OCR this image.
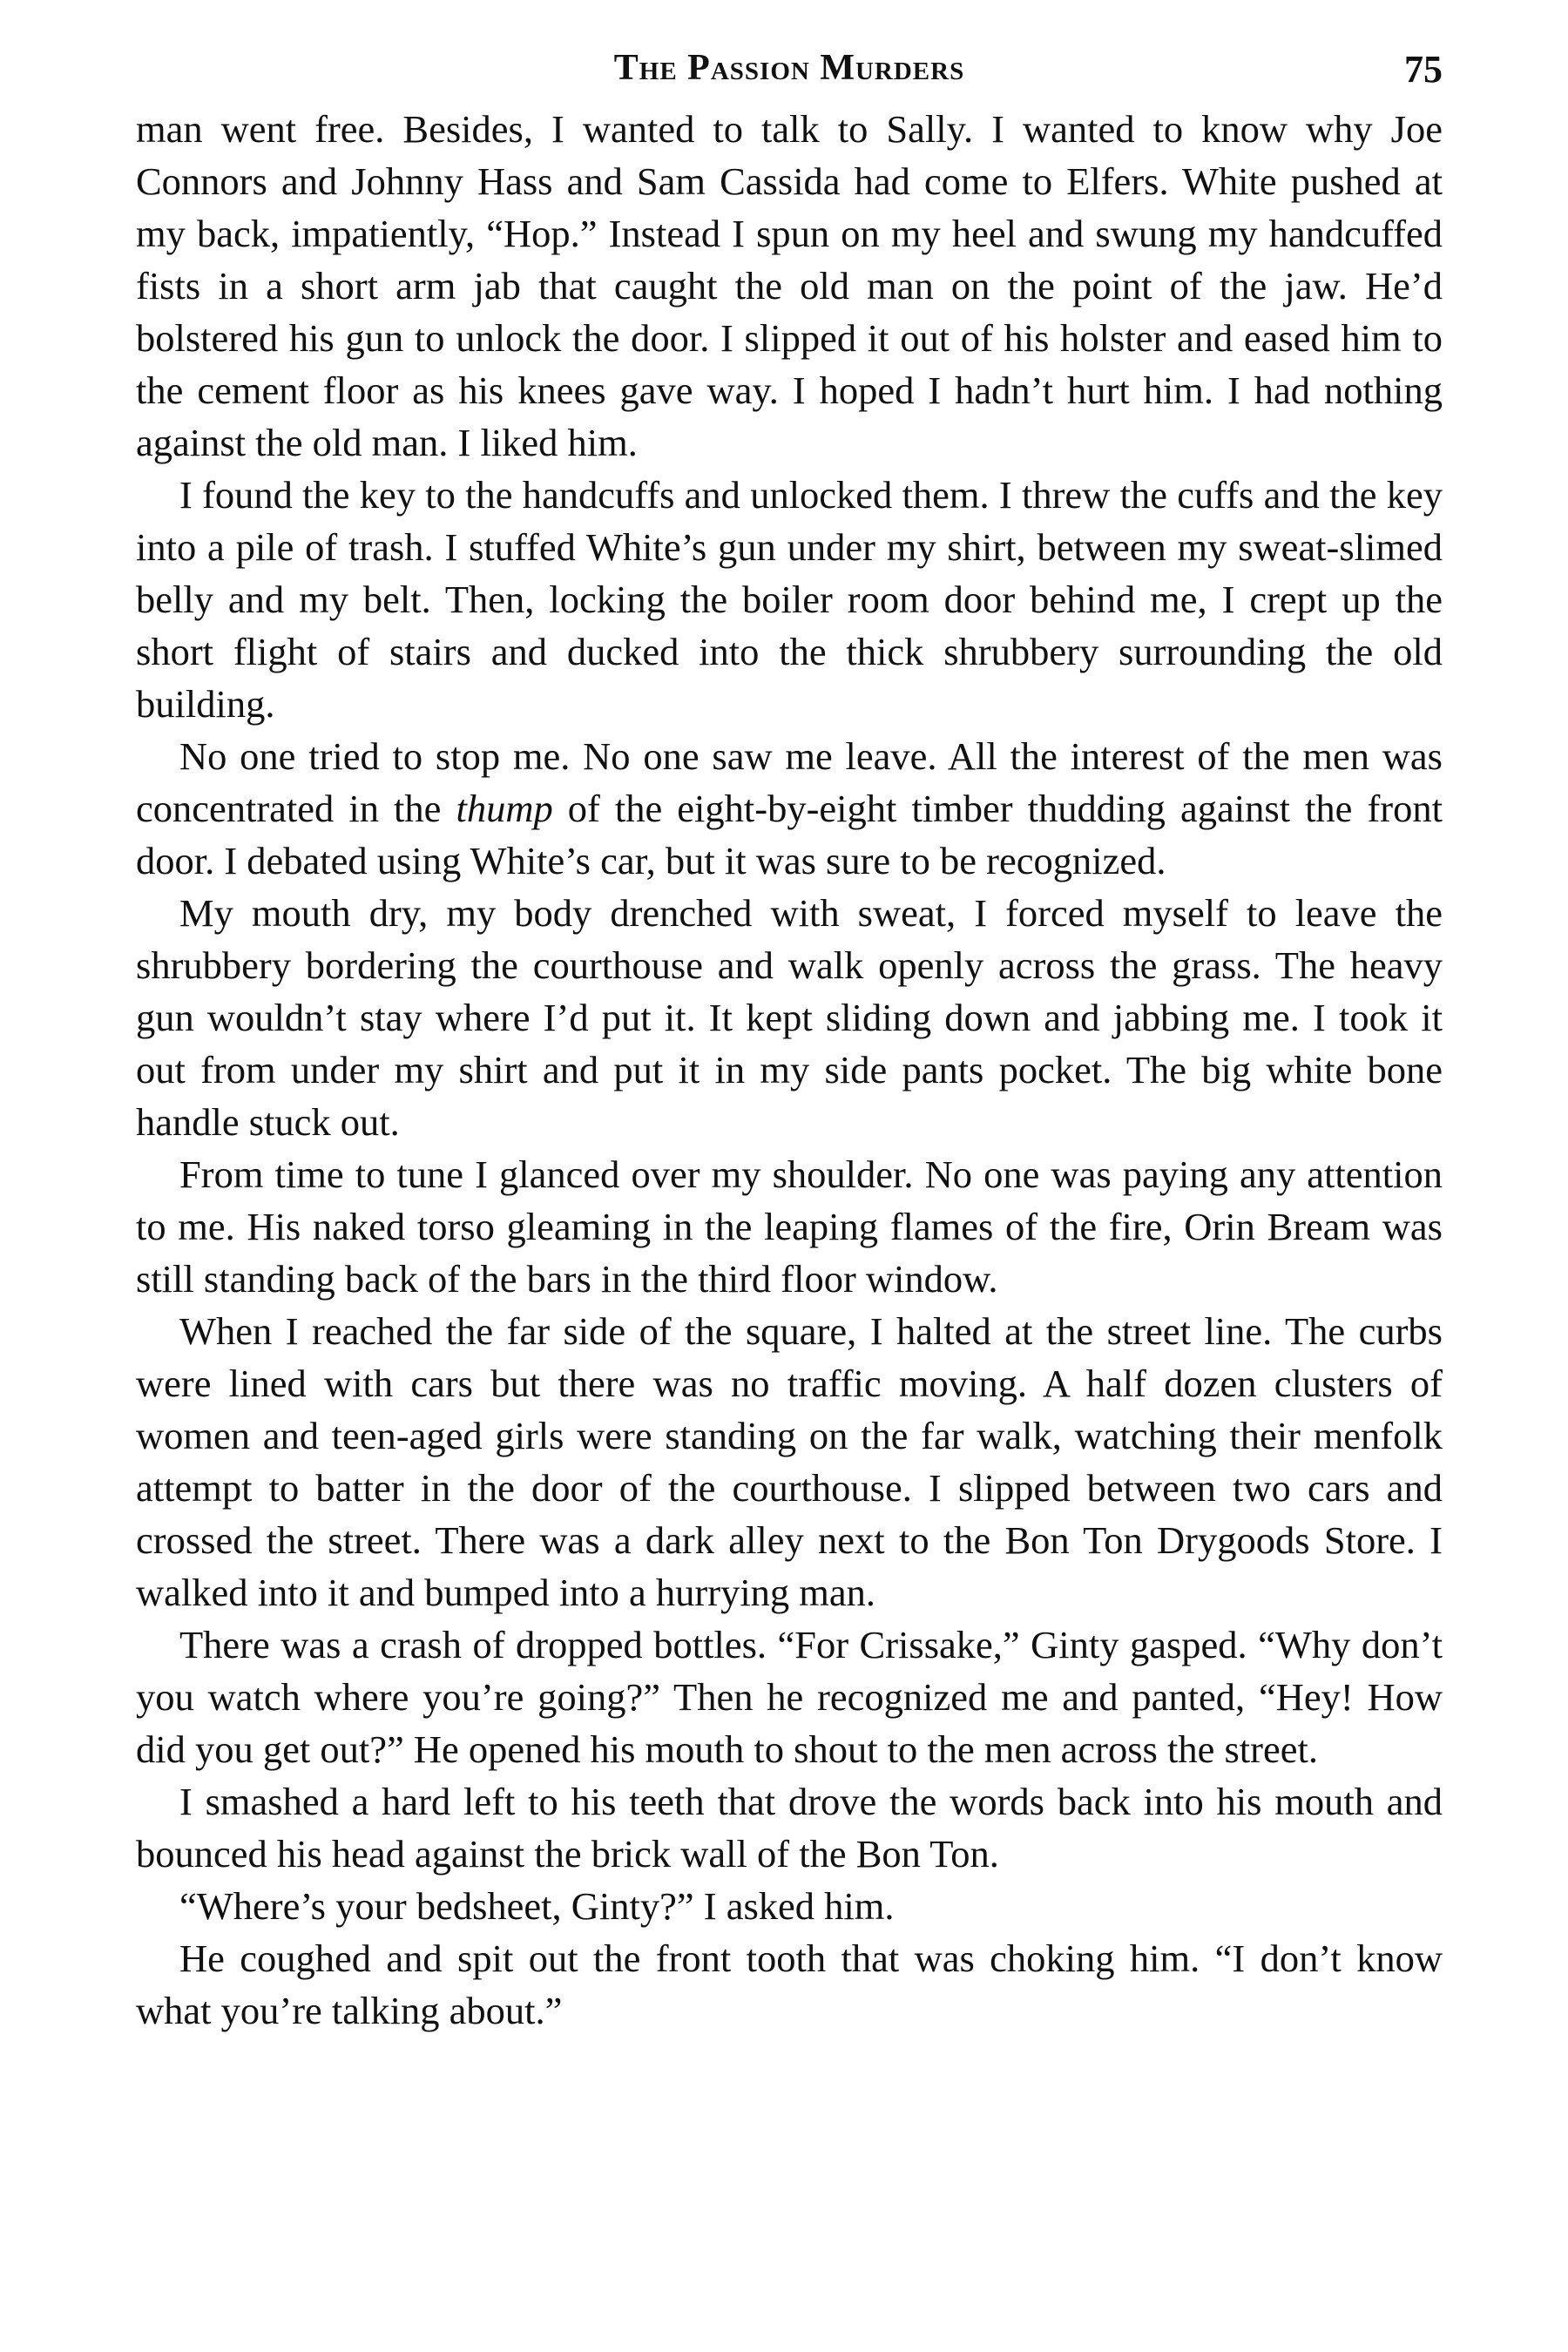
The Passion Murders	75

man went free. Besides, I wanted to talk to Sally. I wanted to know why Joe Connors and Johnny Hass and Sam Cassida had come to Elfers. White pushed at my back, impatiently, “Hop.” Instead I spun on my heel and swung my handcuffed fists in a short arm jab that caught the old man on the point of the jaw. He’d bolstered his gun to unlock the door. I slipped it out of his holster and eased him to the cement floor as his knees gave way. I hoped I hadn’t hurt him. I had nothing against the old man. I liked him.

I found the key to the handcuffs and unlocked them. I threw the cuffs and the key into a pile of trash. I stuffed White’s gun under my shirt, between my sweat-slimed belly and my belt. Then, locking the boiler room door behind me, I crept up the short flight of stairs and ducked into the thick shrubbery surrounding the old building.

No one tried to stop me. No one saw me leave. All the interest of the men was concentrated in the thump of the eight-by-eight timber thudding against the front door. I debated using White’s car, but it was sure to be recognized.

My mouth dry, my body drenched with sweat, I forced myself to leave the shrubbery bordering the courthouse and walk openly across the grass. The heavy gun wouldn’t stay where I’d put it. It kept sliding down and jabbing me. I took it out from under my shirt and put it in my side pants pocket. The big white bone handle stuck out.

From time to tune I glanced over my shoulder. No one was paying any attention to me. His naked torso gleaming in the leaping flames of the fire, Orin Bream was still standing back of the bars in the third floor window.

When I reached the far side of the square, I halted at the street line. The curbs were lined with cars but there was no traffic moving. A half dozen clusters of women and teen-aged girls were standing on the far walk, watching their menfolk attempt to batter in the door of the courthouse. I slipped between two cars and crossed the street. There was a dark alley next to the Bon Ton Drygoods Store. I walked into it and bumped into a hurrying man.

There was a crash of dropped bottles. “For Crissake,” Ginty gasped. “Why don’t you watch where you’re going?” Then he recognized me and panted, “Hey! How did you get out?” He opened his mouth to shout to the men across the street.

I smashed a hard left to his teeth that drove the words back into his mouth and bounced his head against the brick wall of the Bon Ton.

“Where’s your bedsheet, Ginty?” I asked him.

He coughed and spit out the front tooth that was choking him. “I don’t know what you’re talking about.”
